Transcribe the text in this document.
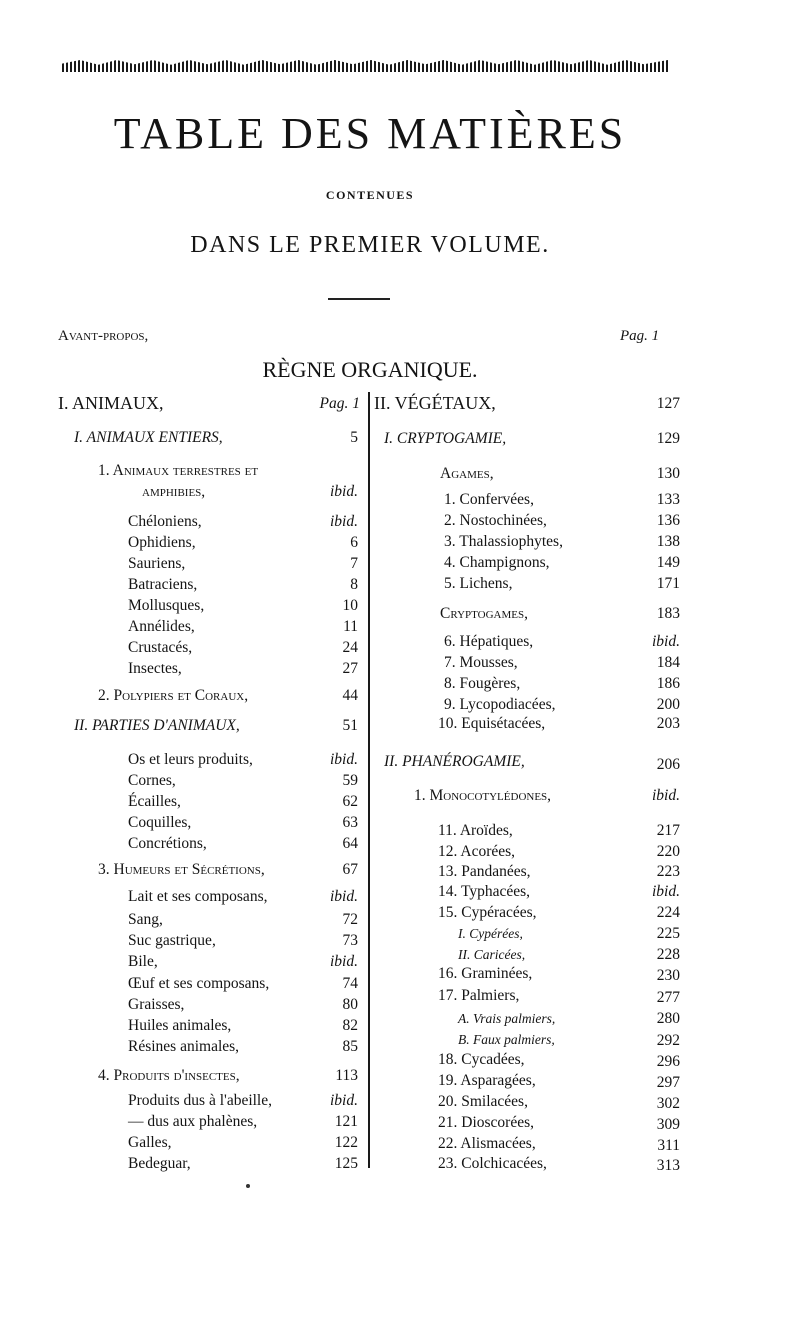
TABLE DES MATIÈRES
CONTENUES
DANS LE PREMIER VOLUME.
Avant-propos,	Pag. 1
RÈGNE ORGANIQUE.
I. ANIMAUX,	Pag. 1
I. ANIMAUX ENTIERS,	5
1. Animaux terrestres et
amphibies,	ibid.
Chéloniens,	ibid.
Ophidiens,	6
Sauriens,	7
Batraciens,	8
Mollusques,	10
Annélides,	11
Crustacés,	24
Insectes,	27
2. Polypiers et Coraux,	44
II. PARTIES D'ANIMAUX,	51
Os et leurs produits,	ibid.
Cornes,	59
Écailles,	62
Coquilles,	63
Concrétions,	64
3. Humeurs et Sécrétions,	67
Lait et ses composans,	ibid.
Sang,	72
Suc gastrique,	73
Bile,	ibid.
Œuf et ses composans,	74
Graisses,	80
Huiles animales,	82
Résines animales,	85
4. Produits d'insectes,	113
Produits dus à l'abeille,	ibid.
— dus aux phalènes,	121
Galles,	122
Bedeguar,	125
II. VÉGÉTAUX,	127
I. CRYPTOGAMIE,	129
Agames,	130
1. Confervées,	133
2. Nostochinées,	136
3. Thalassiophytes,	138
4. Champignons,	149
5. Lichens,	171
Cryptogames,	183
6. Hépatiques,	ibid.
7. Mousses,	184
8. Fougères,	186
9. Lycopodiacées,	200
10. Equisétacées,	203
II. PHANÉROGAMIE,	206
1. Monocotylédones,	ibid.
11. Aroïdes,	217
12. Acorées,	220
13. Pandanées,	223
14. Typhacées,	ibid.
15. Cypéracées,	224
I. Cypérées,	225
II. Caricées,	228
16. Graminées,	230
17. Palmiers,	277
A. Vrais palmiers,	280
B. Faux palmiers,	292
18. Cycadées,	296
19. Asparagées,	297
20. Smilacées,	302
21. Dioscorées,	309
22. Alismacées,	311
23. Colchicacées,	313
